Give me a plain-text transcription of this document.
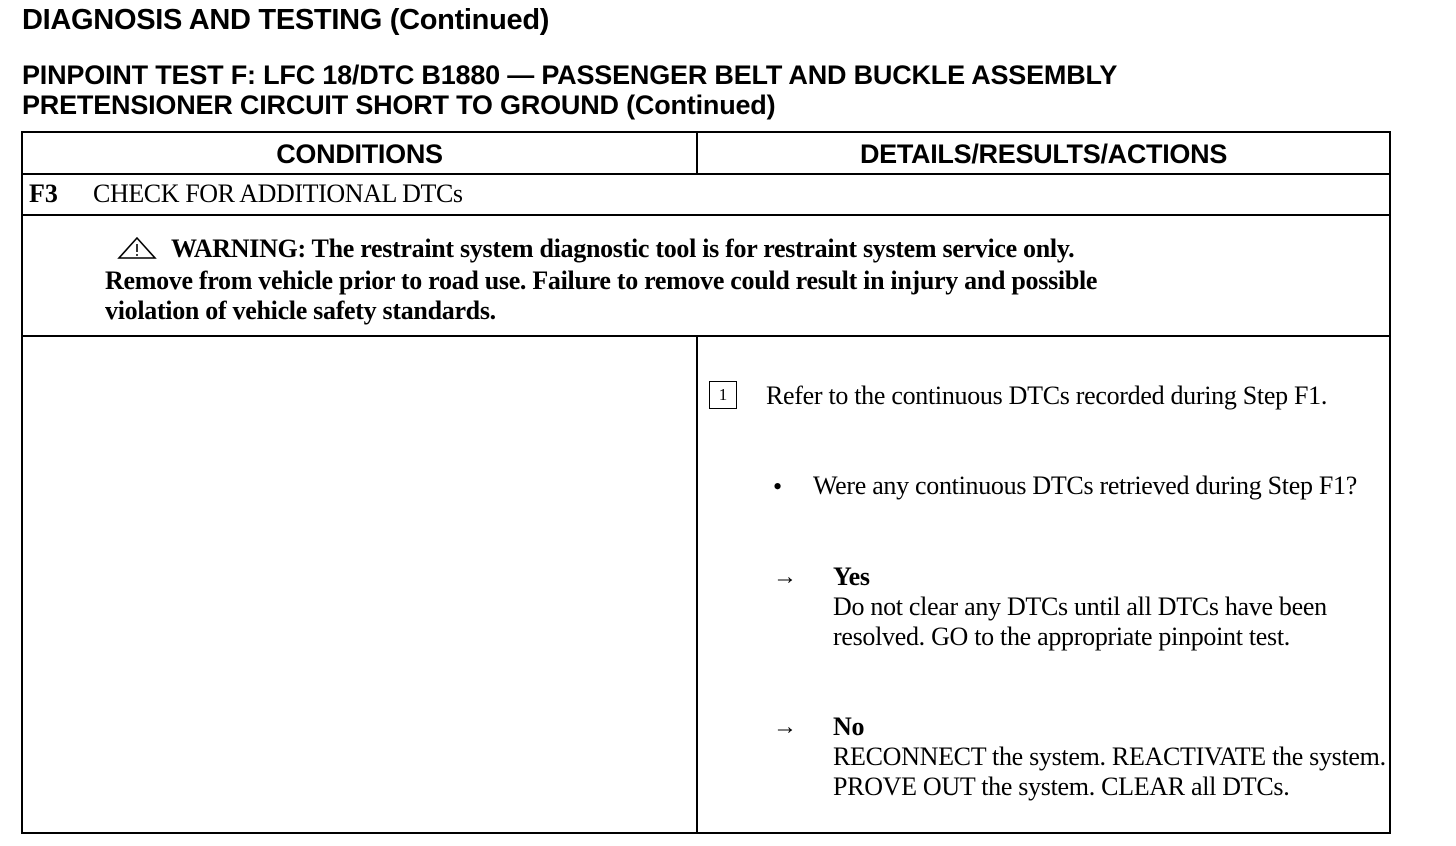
DIAGNOSIS AND TESTING (Continued)
PINPOINT TEST F: LFC 18/DTC B1880 — PASSENGER BELT AND BUCKLE ASSEMBLY
PRETENSIONER CIRCUIT SHORT TO GROUND (Continued)
CONDITIONS	DETAILS/RESULTS/ACTIONS
F3 CHECK FOR ADDITIONAL DTCs
WARNING: The restraint system diagnostic tool is for restraint system service only.
Remove from vehicle prior to road use. Failure to remove could result in injury and possible
violation of vehicle safety standards.
1	Refer to the continuous DTCs recorded during Step F1.
• Were any continuous DTCs retrieved during Step F1?
→ Yes
Do not clear any DTCs until all DTCs have been resolved. GO to the appropriate pinpoint test.
→ No
RECONNECT the system. REACTIVATE the system. PROVE OUT the system. CLEAR all DTCs.
